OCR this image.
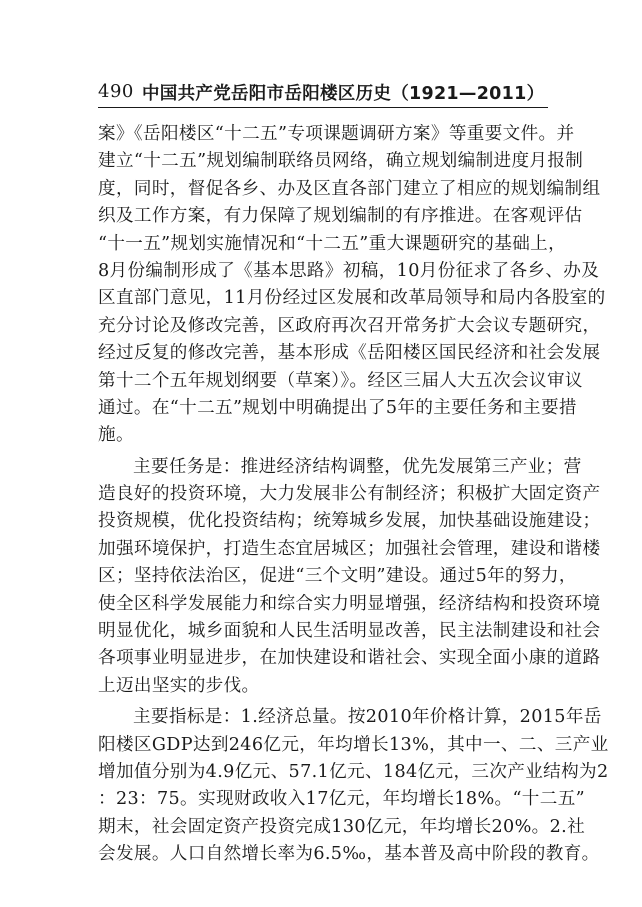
490 中国共产党岳阳市岳阳楼区历史（1921—2011）
案》《岳阳楼区“十二五”专项课题调研方案》等重要文件。并
建立“十二五”规划编制联络员网络，确立规划编制进度月报制
度，同时，督促各乡、办及区直各部门建立了相应的规划编制组
织及工作方案，有力保障了规划编制的有序推进。在客观评估
“十一五”规划实施情况和“十二五”重大课题研究的基础上，
8月份编制形成了《基本思路》初稿，10月份征求了各乡、办及
区直部门意见，11月份经过区发展和改革局领导和局内各股室的
充分讨论及修改完善，区政府再次召开常务扩大会议专题研究，
经过反复的修改完善，基本形成《岳阳楼区国民经济和社会发展
第十二个五年规划纲要（草案）》。经区三届人大五次会议审议
通过。在“十二五”规划中明确提出了5年的主要任务和主要措
施。
主要任务是：推进经济结构调整，优先发展第三产业；营
造良好的投资环境，大力发展非公有制经济；积极扩大固定资产
投资规模，优化投资结构；统筹城乡发展，加快基础设施建设；
加强环境保护，打造生态宜居城区；加强社会管理，建设和谐楼
区；坚持依法治区，促进“三个文明”建设。通过5年的努力，
使全区科学发展能力和综合实力明显增强，经济结构和投资环境
明显优化，城乡面貌和人民生活明显改善，民主法制建设和社会
各项事业明显进步，在加快建设和谐社会、实现全面小康的道路
上迈出坚实的步伐。
主要指标是：1.经济总量。按2010年价格计算，2015年岳
阳楼区GDP达到246亿元，年均增长13%，其中一、二、三产业
增加值分别为4.9亿元、57.1亿元、184亿元，三次产业结构为2
：23：75。实现财政收入17亿元，年均增长18%。“十二五”
期末，社会固定资产投资完成130亿元，年均增长20%。2.社
会发展。人口自然增长率为6.5‰，基本普及高中阶段的教育。
